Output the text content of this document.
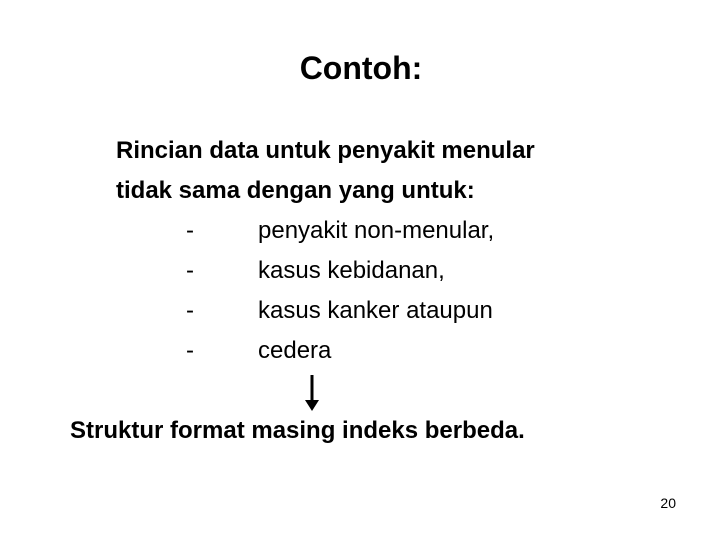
Contoh:
Rincian data untuk penyakit menular
tidak sama dengan yang untuk:
-	penyakit non-menular,
-	kasus kebidanan,
-	kasus kanker ataupun
-	cedera
Struktur format masing indeks berbeda.
20
